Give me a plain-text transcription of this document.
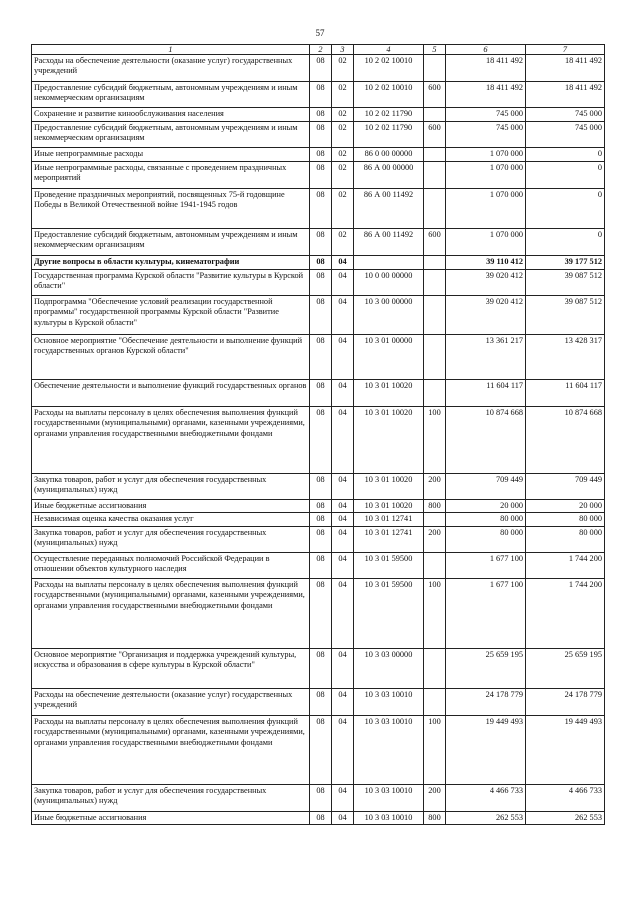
57
1	2	3	4	5	6	7
Расходы на обеспечение деятельности (оказание услуг) государственных учреждений	08	02	10 2 02 10010		18 411 492	18 411 492
Предоставление субсидий бюджетным, автономным учреждениям и иным некоммерческим организациям	08	02	10 2 02 10010	600	18 411 492	18 411 492
Сохранение и развитие кинообслуживания населения	08	02	10 2 02 11790		745 000	745 000
Предоставление субсидий бюджетным, автономным учреждениям и иным некоммерческим организациям	08	02	10 2 02 11790	600	745 000	745 000
Иные непрограммные расходы	08	02	86 0 00 00000		1 070 000	0
Иные непрограммные расходы, связанные с проведением праздничных мероприятий	08	02	86 А 00 00000		1 070 000	0
Проведение праздничных мероприятий, посвященных 75-й годовщине Победы в Великой Отечественной войне 1941-1945 годов	08	02	86 А 00 11492		1 070 000	0
Предоставление субсидий бюджетным, автономным учреждениям и иным некоммерческим организациям	08	02	86 А 00 11492	600	1 070 000	0
Другие вопросы в области культуры, кинематографии	08	04			39 110 412	39 177 512
Государственная программа Курской области "Развитие культуры в Курской области"	08	04	10 0 00 00000		39 020 412	39 087 512
Подпрограмма "Обеспечение условий реализации государственной программы" государственной программы Курской области "Развитие культуры в Курской области"	08	04	10 3 00 00000		39 020 412	39 087 512
Основное мероприятие "Обеспечение деятельности и выполнение функций государственных органов Курской области"	08	04	10 3 01 00000		13 361 217	13 428 317
Обеспечение деятельности и выполнение функций государственных органов	08	04	10 3 01 10020		11 604 117	11 604 117
Расходы на выплаты персоналу в целях обеспечения выполнения функций государственными (муниципальными) органами, казенными учреждениями, органами управления государственными внебюджетными фондами	08	04	10 3 01 10020	100	10 874 668	10 874 668
Закупка товаров, работ и услуг для обеспечения государственных (муниципальных) нужд	08	04	10 3 01 10020	200	709 449	709 449
Иные бюджетные ассигнования	08	04	10 3 01 10020	800	20 000	20 000
Независимая оценка качества оказания услуг	08	04	10 3 01 12741		80 000	80 000
Закупка товаров, работ и услуг для обеспечения государственных (муниципальных) нужд	08	04	10 3 01 12741	200	80 000	80 000
Осуществление переданных полномочий Российской Федерации в отношении объектов культурного наследия	08	04	10 3 01 59500		1 677 100	1 744 200
Расходы на выплаты персоналу в целях обеспечения выполнения функций государственными (муниципальными) органами, казенными учреждениями, органами управления государственными внебюджетными фондами	08	04	10 3 01 59500	100	1 677 100	1 744 200
Основное мероприятие "Организация и поддержка учреждений культуры, искусства и образования в сфере культуры в Курской области"	08	04	10 3 03 00000		25 659 195	25 659 195
Расходы на обеспечение деятельности (оказание услуг) государственных учреждений	08	04	10 3 03 10010		24 178 779	24 178 779
Расходы на выплаты персоналу в целях обеспечения выполнения функций государственными (муниципальными) органами, казенными учреждениями, органами управления государственными внебюджетными фондами	08	04	10 3 03 10010	100	19 449 493	19 449 493
Закупка товаров, работ и услуг для обеспечения государственных (муниципальных) нужд	08	04	10 3 03 10010	200	4 466 733	4 466 733
Иные бюджетные ассигнования	08	04	10 3 03 10010	800	262 553	262 553
